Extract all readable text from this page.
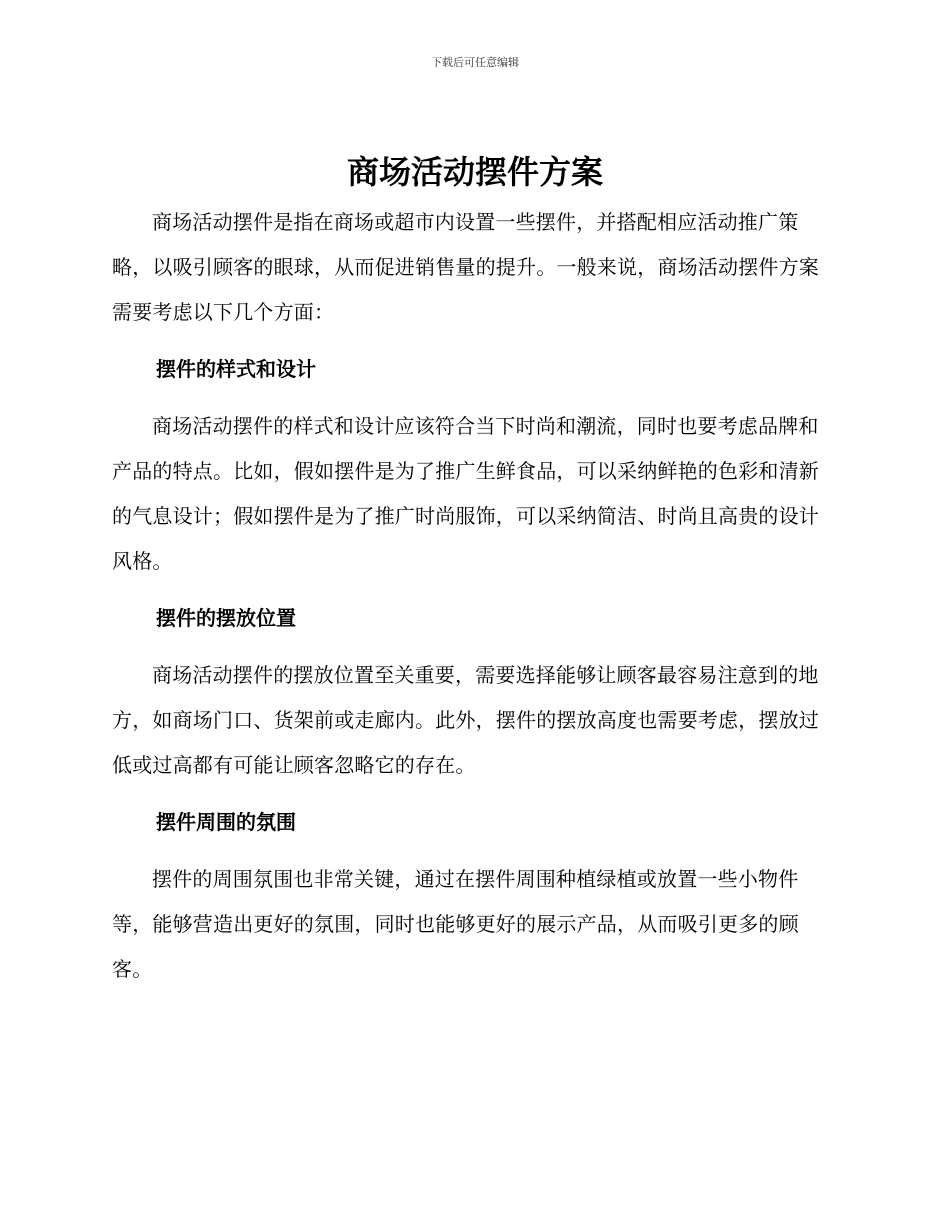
下载后可任意编辑
商场活动摆件方案

商场活动摆件是指在商场或超市内设置一些摆件，并搭配相应活动推广策略，以吸引顾客的眼球，从而促进销售量的提升。一般来说，商场活动摆件方案需要考虑以下几个方面：

摆件的样式和设计

商场活动摆件的样式和设计应该符合当下时尚和潮流，同时也要考虑品牌和产品的特点。比如，假如摆件是为了推广生鲜食品，可以采纳鲜艳的色彩和清新的气息设计；假如摆件是为了推广时尚服饰，可以采纳简洁、时尚且高贵的设计风格。

摆件的摆放位置

商场活动摆件的摆放位置至关重要，需要选择能够让顾客最容易注意到的地方，如商场门口、货架前或走廊内。此外，摆件的摆放高度也需要考虑，摆放过低或过高都有可能让顾客忽略它的存在。

摆件周围的氛围

摆件的周围氛围也非常关键，通过在摆件周围种植绿植或放置一些小物件等，能够营造出更好的氛围，同时也能够更好的展示产品，从而吸引更多的顾客。
